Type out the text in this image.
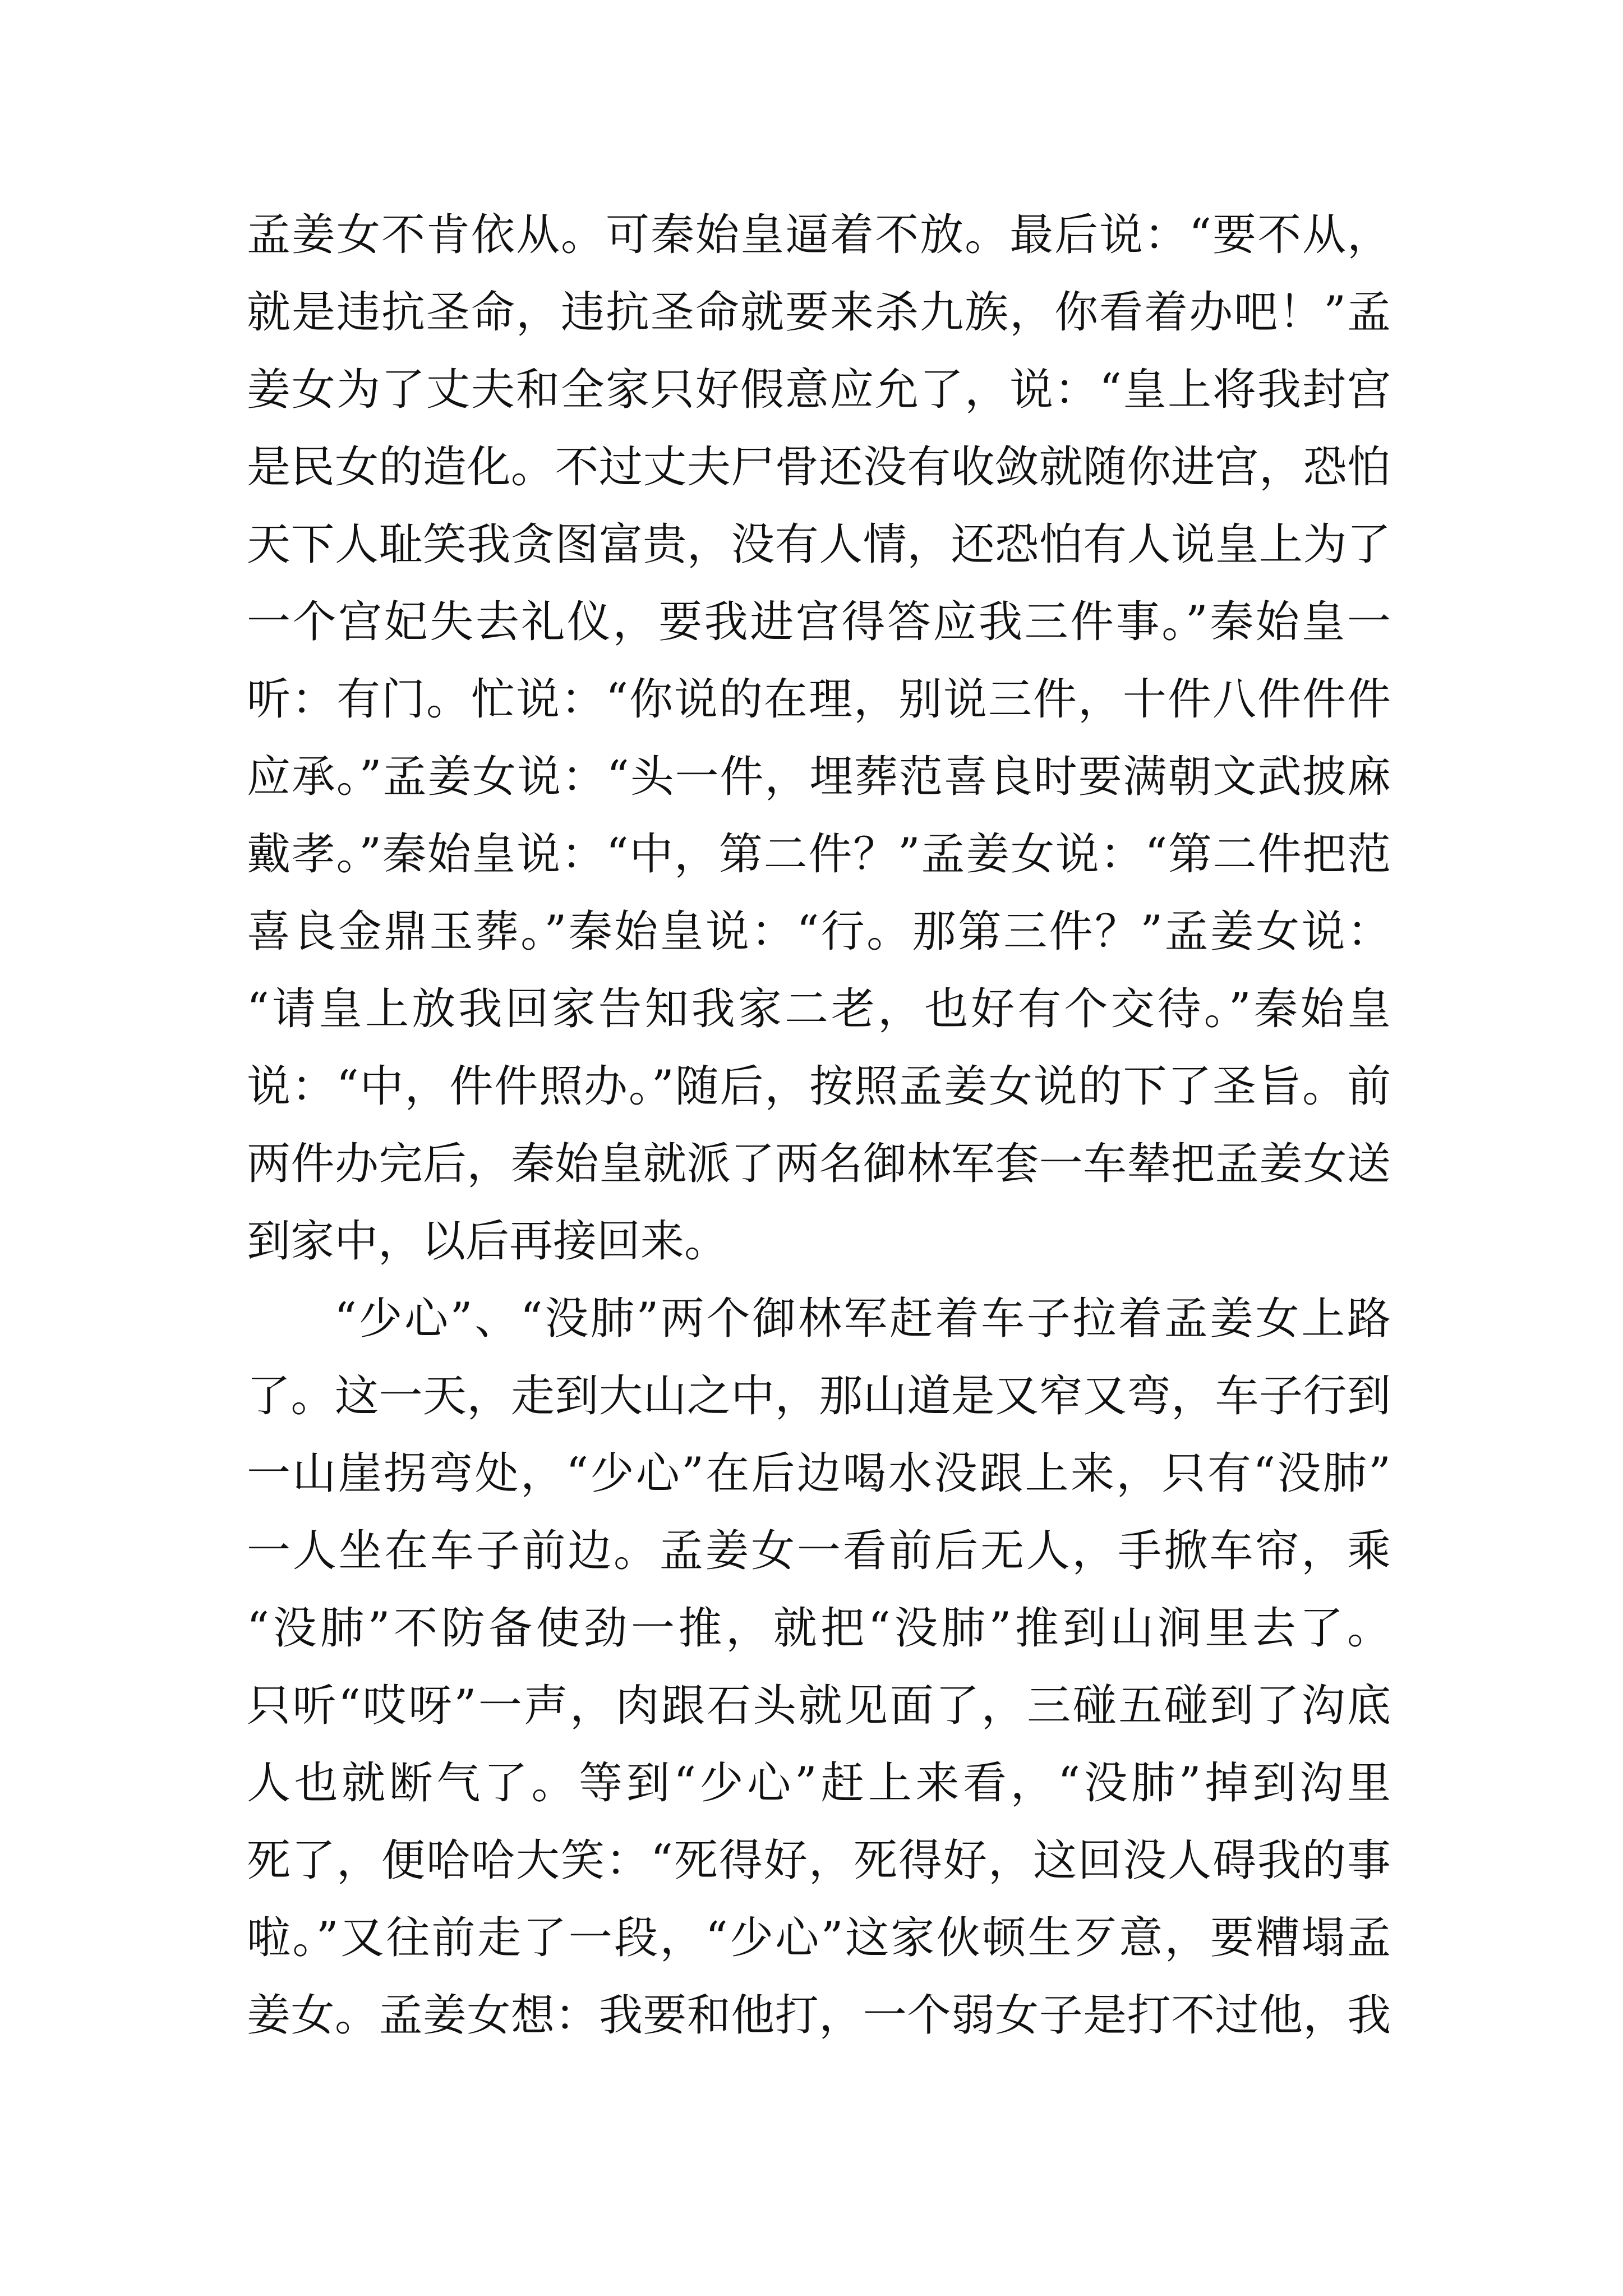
孟姜女不肯依从。可秦始皇逼着不放。最后说：“要不从，
就是违抗圣命，违抗圣命就要来杀九族，你看着办吧！”孟
姜女为了丈夫和全家只好假意应允了，说：“皇上将我封宫
是民女的造化。不过丈夫尸骨还没有收敛就随你进宫，恐怕
天下人耻笑我贪图富贵，没有人情，还恐怕有人说皇上为了
一个宫妃失去礼仪，要我进宫得答应我三件事。”秦始皇一
听：有门。忙说：“你说的在理，别说三件，十件八件件件
应承。”孟姜女说：“头一件，埋葬范喜良时要满朝文武披麻
戴孝。”秦始皇说：“中，第二件？”孟姜女说：“第二件把范
喜良金鼎玉葬。”秦始皇说：“行。那第三件？”孟姜女说：
“请皇上放我回家告知我家二老，也好有个交待。”秦始皇
说：“中，件件照办。”随后，按照孟姜女说的下了圣旨。前
两件办完后，秦始皇就派了两名御林军套一车辇把孟姜女送
到家中，以后再接回来。
“少心”、“没肺”两个御林军赶着车子拉着孟姜女上路
了。这一天，走到大山之中，那山道是又窄又弯，车子行到
一山崖拐弯处，“少心”在后边喝水没跟上来，只有“没肺”
一人坐在车子前边。孟姜女一看前后无人，手掀车帘，乘
“没肺”不防备使劲一推，就把“没肺”推到山涧里去了。
只听“哎呀”一声，肉跟石头就见面了，三碰五碰到了沟底
人也就断气了。等到“少心”赶上来看，“没肺”掉到沟里
死了，便哈哈大笑：“死得好，死得好，这回没人碍我的事
啦。”又往前走了一段，“少心”这家伙顿生歹意，要糟塌孟
姜女。孟姜女想：我要和他打，一个弱女子是打不过他，我
